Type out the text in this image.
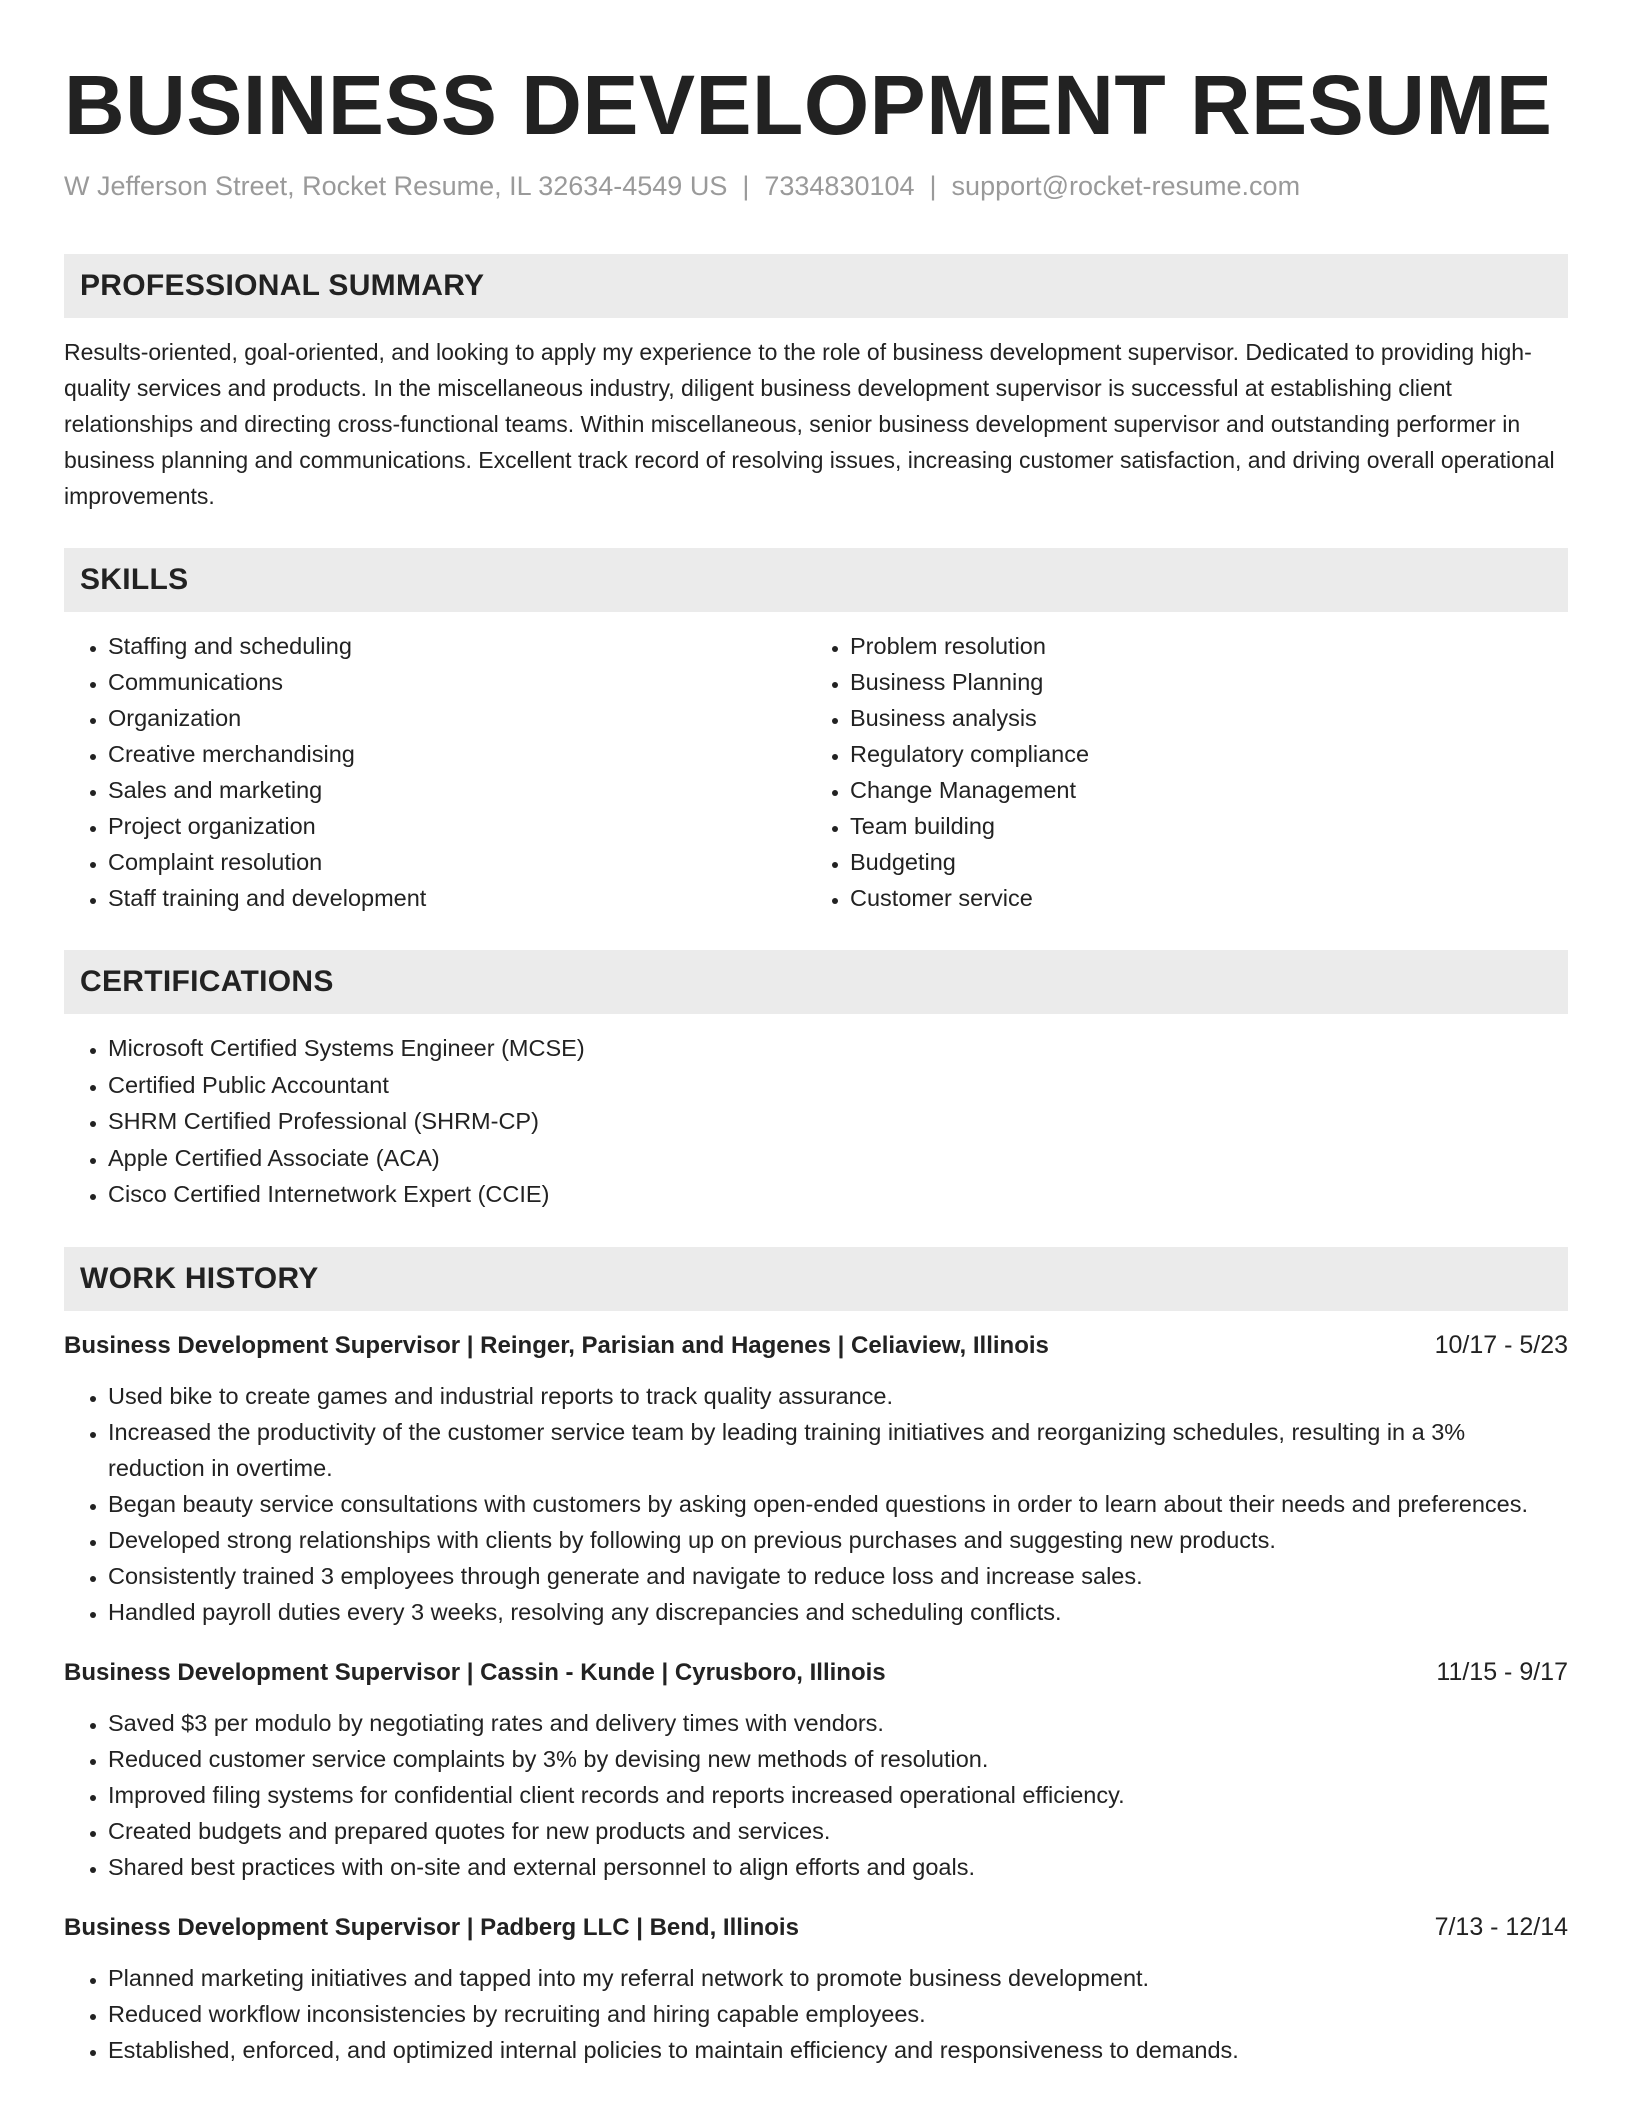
BUSINESS DEVELOPMENT RESUME
W Jefferson Street, Rocket Resume, IL 32634-4549 US | 7334830104 | support@rocket-resume.com
PROFESSIONAL SUMMARY

Results-oriented, goal-oriented, and looking to apply my experience to the role of business development supervisor. Dedicated to providing high-quality services and products. In the miscellaneous industry, diligent business development supervisor is successful at establishing client relationships and directing cross-functional teams. Within miscellaneous, senior business development supervisor and outstanding performer in business planning and communications. Excellent track record of resolving issues, increasing customer satisfaction, and driving overall operational improvements.

SKILLS
• Staffing and scheduling
• Communications
• Organization
• Creative merchandising
• Sales and marketing
• Project organization
• Complaint resolution
• Staff training and development
• Problem resolution
• Business Planning
• Business analysis
• Regulatory compliance
• Change Management
• Team building
• Budgeting
• Customer service
CERTIFICATIONS
• Microsoft Certified Systems Engineer (MCSE)
• Certified Public Accountant
• SHRM Certified Professional (SHRM-CP)
• Apple Certified Associate (ACA)
• Cisco Certified Internetwork Expert (CCIE)
WORK HISTORY
Business Development Supervisor | Reinger, Parisian and Hagenes | Celiaview, Illinois	10/17 - 5/23
• Used bike to create games and industrial reports to track quality assurance.
• Increased the productivity of the customer service team by leading training initiatives and reorganizing schedules, resulting in a 3% reduction in overtime.
• Began beauty service consultations with customers by asking open-ended questions in order to learn about their needs and preferences.
• Developed strong relationships with clients by following up on previous purchases and suggesting new products.
• Consistently trained 3 employees through generate and navigate to reduce loss and increase sales.
• Handled payroll duties every 3 weeks, resolving any discrepancies and scheduling conflicts.
Business Development Supervisor | Cassin - Kunde | Cyrusboro, Illinois	11/15 - 9/17
• Saved $3 per modulo by negotiating rates and delivery times with vendors.
• Reduced customer service complaints by 3% by devising new methods of resolution.
• Improved filing systems for confidential client records and reports increased operational efficiency.
• Created budgets and prepared quotes for new products and services.
• Shared best practices with on-site and external personnel to align efforts and goals.
Business Development Supervisor | Padberg LLC | Bend, Illinois	7/13 - 12/14
• Planned marketing initiatives and tapped into my referral network to promote business development.
• Reduced workflow inconsistencies by recruiting and hiring capable employees.
• Established, enforced, and optimized internal policies to maintain efficiency and responsiveness to demands.
